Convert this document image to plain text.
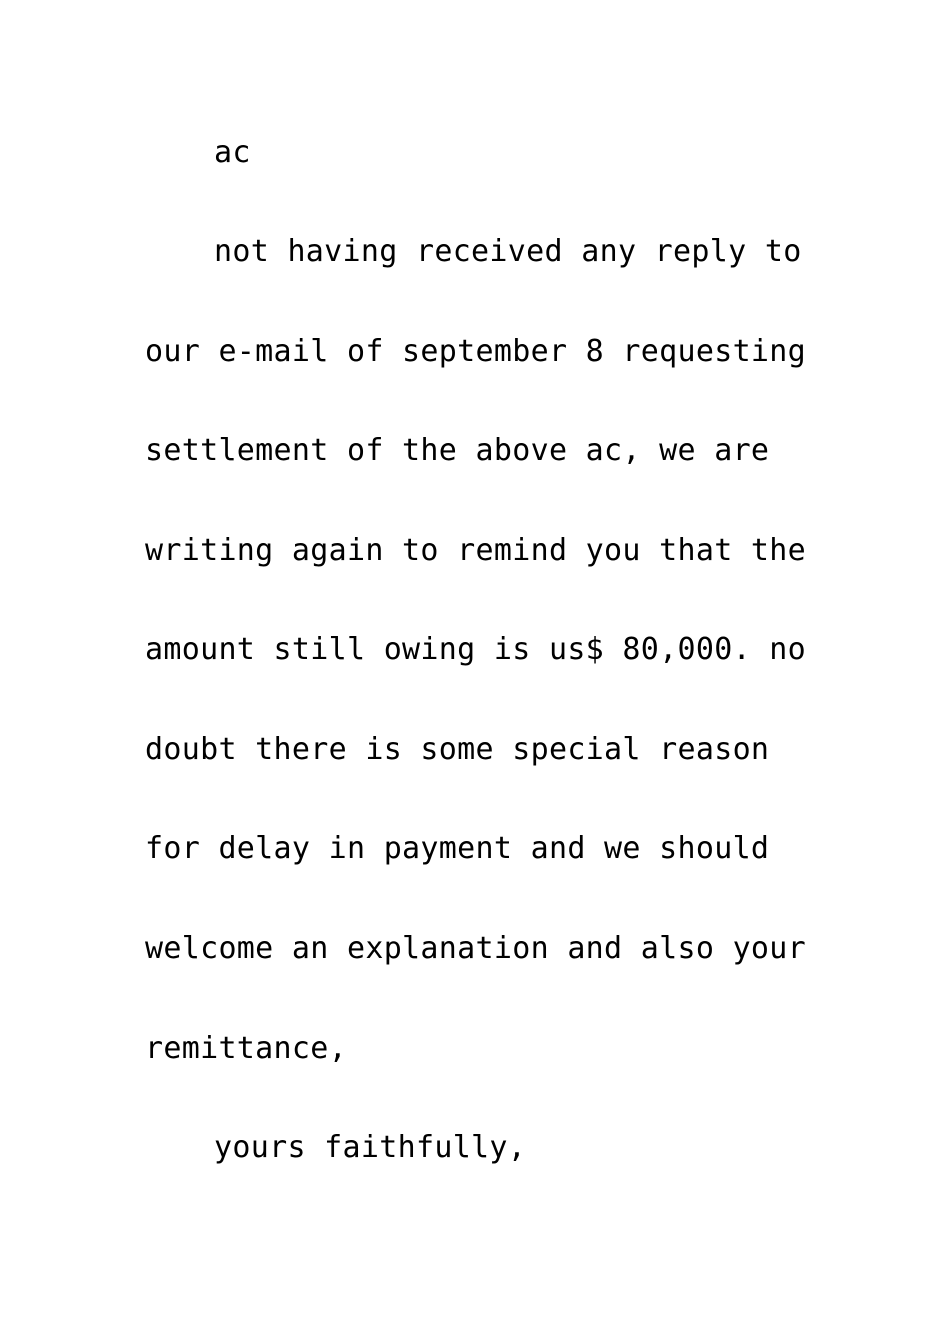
ac

not having received any reply to

our e-mail of september 8 requesting

settlement of the above ac, we are

writing again to remind you that the

amount still owing is us$ 80,000. no

doubt there is some special reason

for delay in payment and we should

welcome an explanation and also your

remittance,

yours faithfully,
